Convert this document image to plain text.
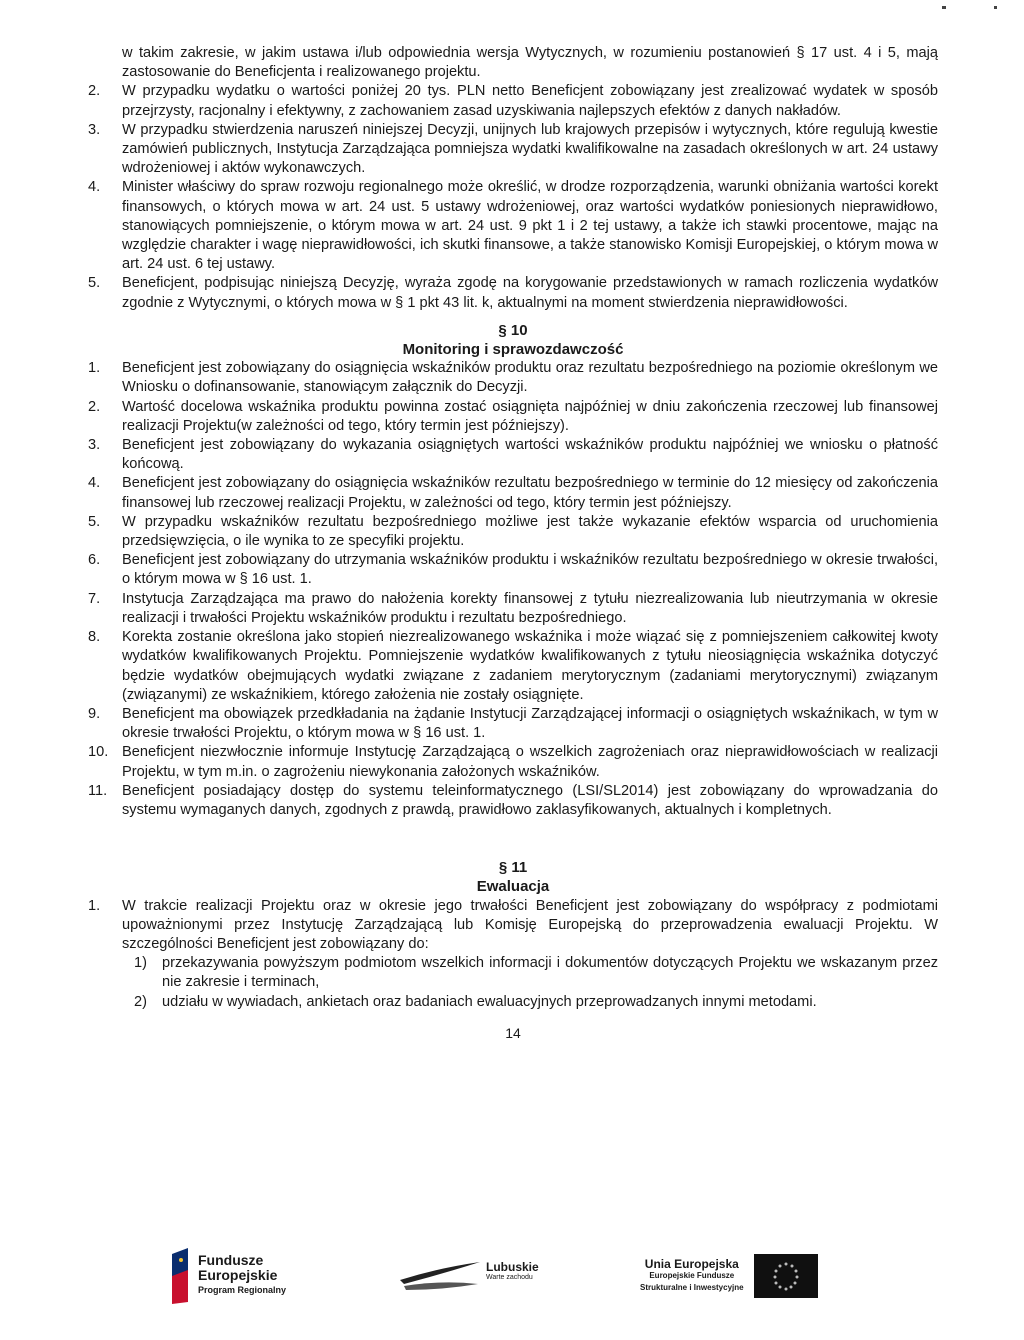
w takim zakresie, w jakim ustawa i/lub odpowiednia wersja Wytycznych, w rozumieniu postanowień § 17 ust. 4 i 5, mają zastosowanie do Beneficjenta i realizowanego projektu.

2.	W przypadku wydatku o wartości poniżej 20 tys. PLN netto Beneficjent zobowiązany jest zrealizować wydatek w sposób przejrzysty, racjonalny i efektywny, z zachowaniem zasad uzyskiwania najlepszych efektów z danych nakładów.
3.	W przypadku stwierdzenia naruszeń niniejszej Decyzji, unijnych lub krajowych przepisów i wytycznych, które regulują kwestie zamówień publicznych, Instytucja Zarządzająca pomniejsza wydatki kwalifikowalne na zasadach określonych w art. 24 ustawy wdrożeniowej i aktów wykonawczych.
4.	Minister właściwy do spraw rozwoju regionalnego może określić, w drodze rozporządzenia, warunki obniżania wartości korekt finansowych, o których mowa w art. 24 ust. 5 ustawy wdrożeniowej, oraz wartości wydatków poniesionych nieprawidłowo, stanowiących pomniejszenie, o którym mowa w art. 24 ust. 9 pkt 1 i 2 tej ustawy, a także ich stawki procentowe, mając na względzie charakter i wagę nieprawidłowości, ich skutki finansowe, a także stanowisko Komisji Europejskiej, o którym mowa w art. 24 ust. 6 tej ustawy.
5.	Beneficjent, podpisując niniejszą Decyzję, wyraża zgodę na korygowanie przedstawionych w ramach rozliczenia wydatków zgodnie z Wytycznymi, o których mowa w § 1 pkt 43 lit. k, aktualnymi na moment stwierdzenia nieprawidłowości.
§ 10
Monitoring i sprawozdawczość
1.	Beneficjent jest zobowiązany do osiągnięcia wskaźników produktu oraz rezultatu bezpośredniego na poziomie określonym we Wniosku o dofinansowanie, stanowiącym załącznik do Decyzji.
2.	Wartość docelowa wskaźnika produktu powinna zostać osiągnięta najpóźniej w dniu zakończenia rzeczowej lub finansowej realizacji Projektu(w zależności od tego, który termin jest późniejszy).
3.	Beneficjent jest zobowiązany do wykazania osiągniętych wartości wskaźników produktu najpóźniej we wniosku o płatność końcową.
4.	Beneficjent jest zobowiązany do osiągnięcia wskaźników rezultatu bezpośredniego w terminie do 12 miesięcy od zakończenia finansowej lub rzeczowej realizacji Projektu, w zależności od tego, który termin jest późniejszy.
5.	W przypadku wskaźników rezultatu bezpośredniego możliwe jest także wykazanie efektów wsparcia od uruchomienia przedsięwzięcia, o ile wynika to ze specyfiki projektu.
6.	Beneficjent jest zobowiązany do utrzymania wskaźników produktu i wskaźników rezultatu bezpośredniego w okresie trwałości, o którym mowa w § 16 ust. 1.
7.	Instytucja Zarządzająca ma prawo do nałożenia korekty finansowej z tytułu niezrealizowania lub nieutrzymania w okresie realizacji i trwałości Projektu wskaźników produktu i rezultatu bezpośredniego.
8.	Korekta zostanie określona jako stopień niezrealizowanego wskaźnika i może wiązać się z pomniejszeniem całkowitej kwoty wydatków kwalifikowanych Projektu. Pomniejszenie wydatków kwalifikowanych z tytułu nieosiągnięcia wskaźnika dotyczyć będzie wydatków obejmujących wydatki związane z zadaniem merytorycznym (zadaniami merytorycznymi) związanym (związanymi) ze wskaźnikiem, którego założenia nie zostały osiągnięte.
9.	Beneficjent ma obowiązek przedkładania na żądanie Instytucji Zarządzającej informacji o osiągniętych wskaźnikach, w tym w okresie trwałości Projektu, o którym mowa w § 16 ust. 1.
10. Beneficjent niezwłocznie informuje Instytucję Zarządzającą o wszelkich zagrożeniach oraz nieprawidłowościach w realizacji Projektu, w tym m.in. o zagrożeniu niewykonania założonych wskaźników.
11.	Beneficjent posiadający dostęp do systemu teleinformatycznego (LSI/SL2014) jest zobowiązany do wprowadzania do systemu wymaganych danych, zgodnych z prawdą, prawidłowo zaklasyfikowanych, aktualnych i kompletnych.
§ 11
Ewaluacja
1.	W trakcie realizacji Projektu oraz w okresie jego trwałości Beneficjent jest zobowiązany do współpracy z podmiotami upoważnionymi przez Instytucję Zarządzającą lub Komisję Europejską do przeprowadzenia ewaluacji Projektu. W szczególności Beneficjent jest zobowiązany do:
1)	przekazywania powyższym podmiotom wszelkich informacji i dokumentów dotyczących Projektu we wskazanym przez nie zakresie i terminach,
2)	udziału w wywiadach, ankietach oraz badaniach ewaluacyjnych przeprowadzanych innymi metodami.
14
Fundusze
Europejskie
Program Regionalny
Lubuskie
Warte zachodu
Unia Europejska
Europejskie Fundusze
Strukturalne i Inwestycyjne
